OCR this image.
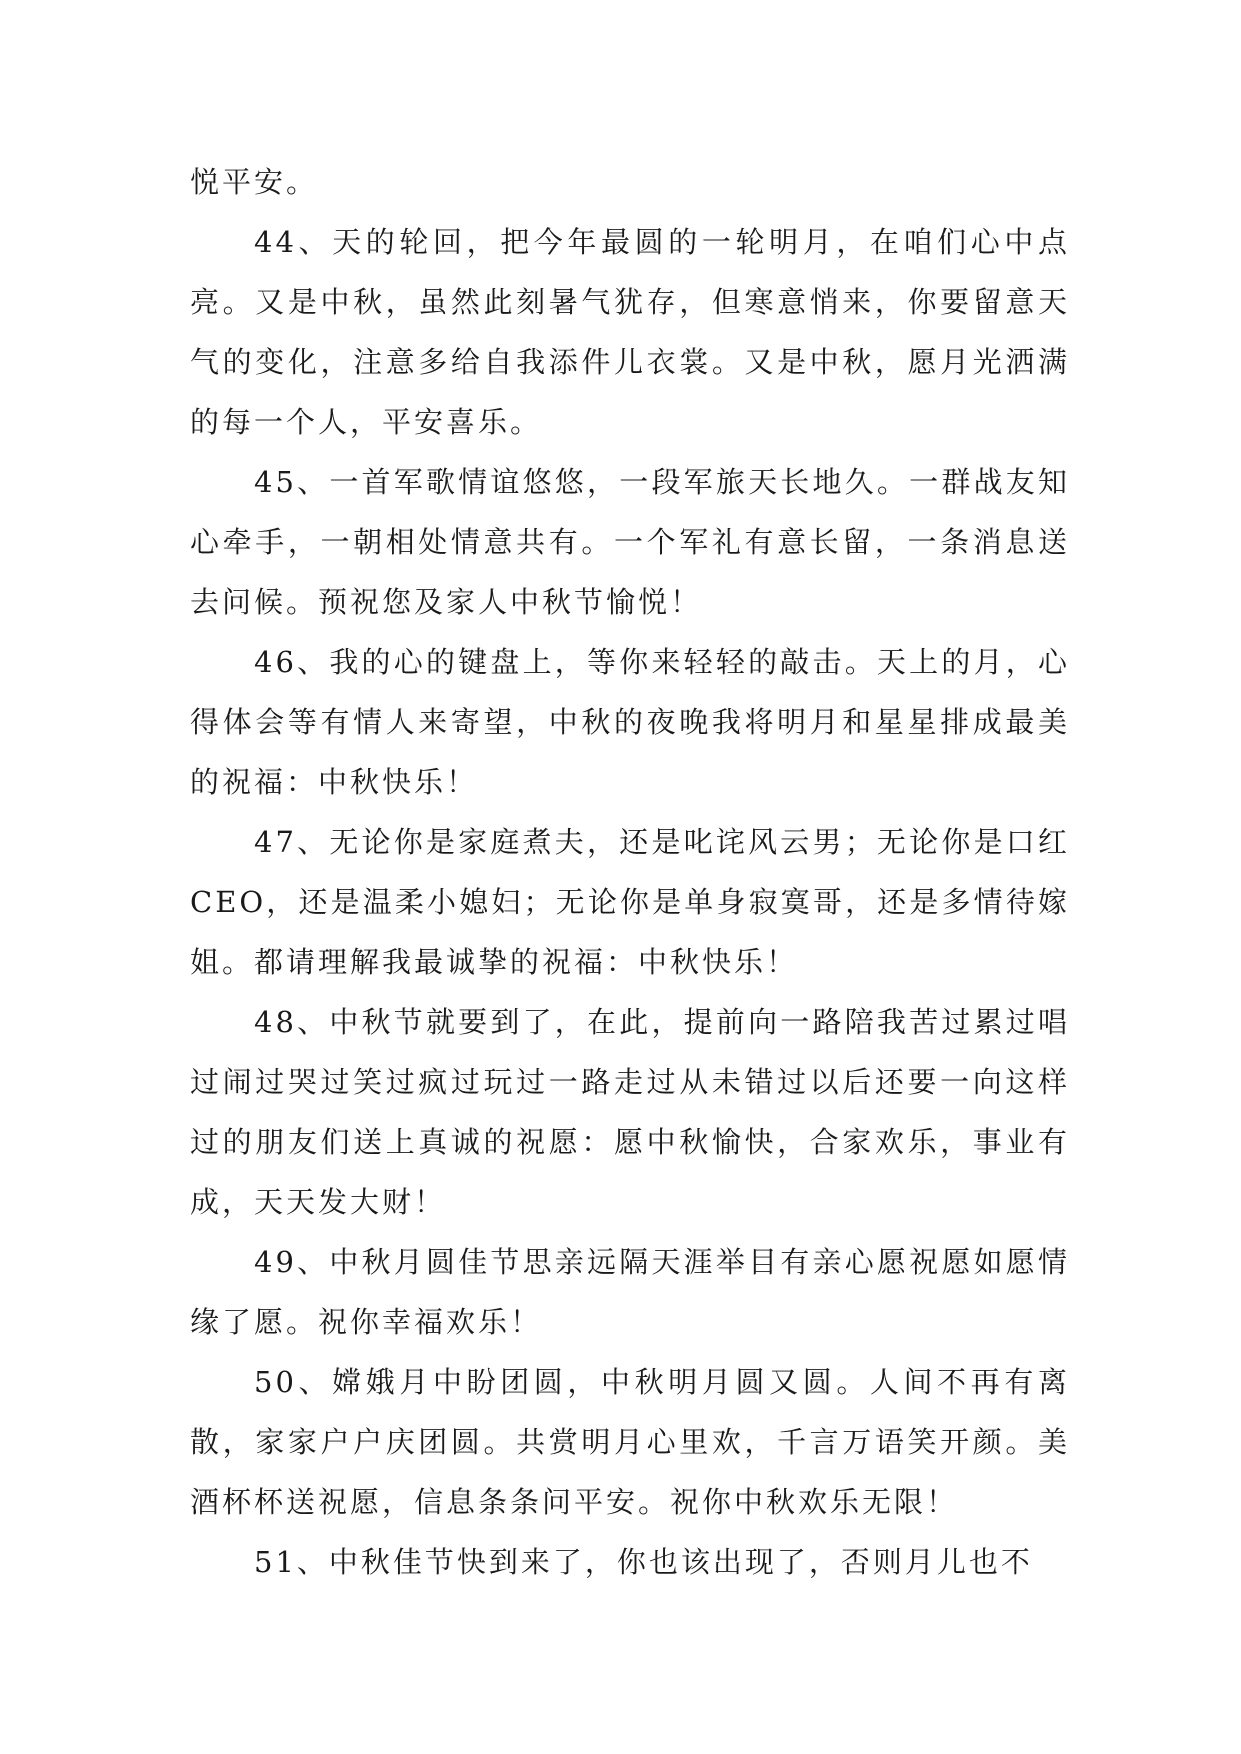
悦平安。

44、天的轮回，把今年最圆的一轮明月，在咱们心中点亮。又是中秋，虽然此刻暑气犹存，但寒意悄来，你要留意天气的变化，注意多给自我添件儿衣裳。又是中秋，愿月光洒满的每一个人，平安喜乐。

45、一首军歌情谊悠悠，一段军旅天长地久。一群战友知心牵手，一朝相处情意共有。一个军礼有意长留，一条消息送去问候。预祝您及家人中秋节愉悦！

46、我的心的键盘上，等你来轻轻的敲击。天上的月，心得体会等有情人来寄望，中秋的夜晚我将明月和星星排成最美的祝福：中秋快乐！

47、无论你是家庭煮夫，还是叱诧风云男；无论你是口红CEO，还是温柔小媳妇；无论你是单身寂寞哥，还是多情待嫁姐。都请理解我最诚挚的祝福：中秋快乐！

48、中秋节就要到了，在此，提前向一路陪我苦过累过唱过闹过哭过笑过疯过玩过一路走过从未错过以后还要一向这样过的朋友们送上真诚的祝愿：愿中秋愉快，合家欢乐，事业有成，天天发大财！

49、中秋月圆佳节思亲远隔天涯举目有亲心愿祝愿如愿情缘了愿。祝你幸福欢乐！

50、嫦娥月中盼团圆，中秋明月圆又圆。人间不再有离散，家家户户庆团圆。共赏明月心里欢，千言万语笑开颜。美酒杯杯送祝愿，信息条条问平安。祝你中秋欢乐无限！

51、中秋佳节快到来了，你也该出现了，否则月儿也不
